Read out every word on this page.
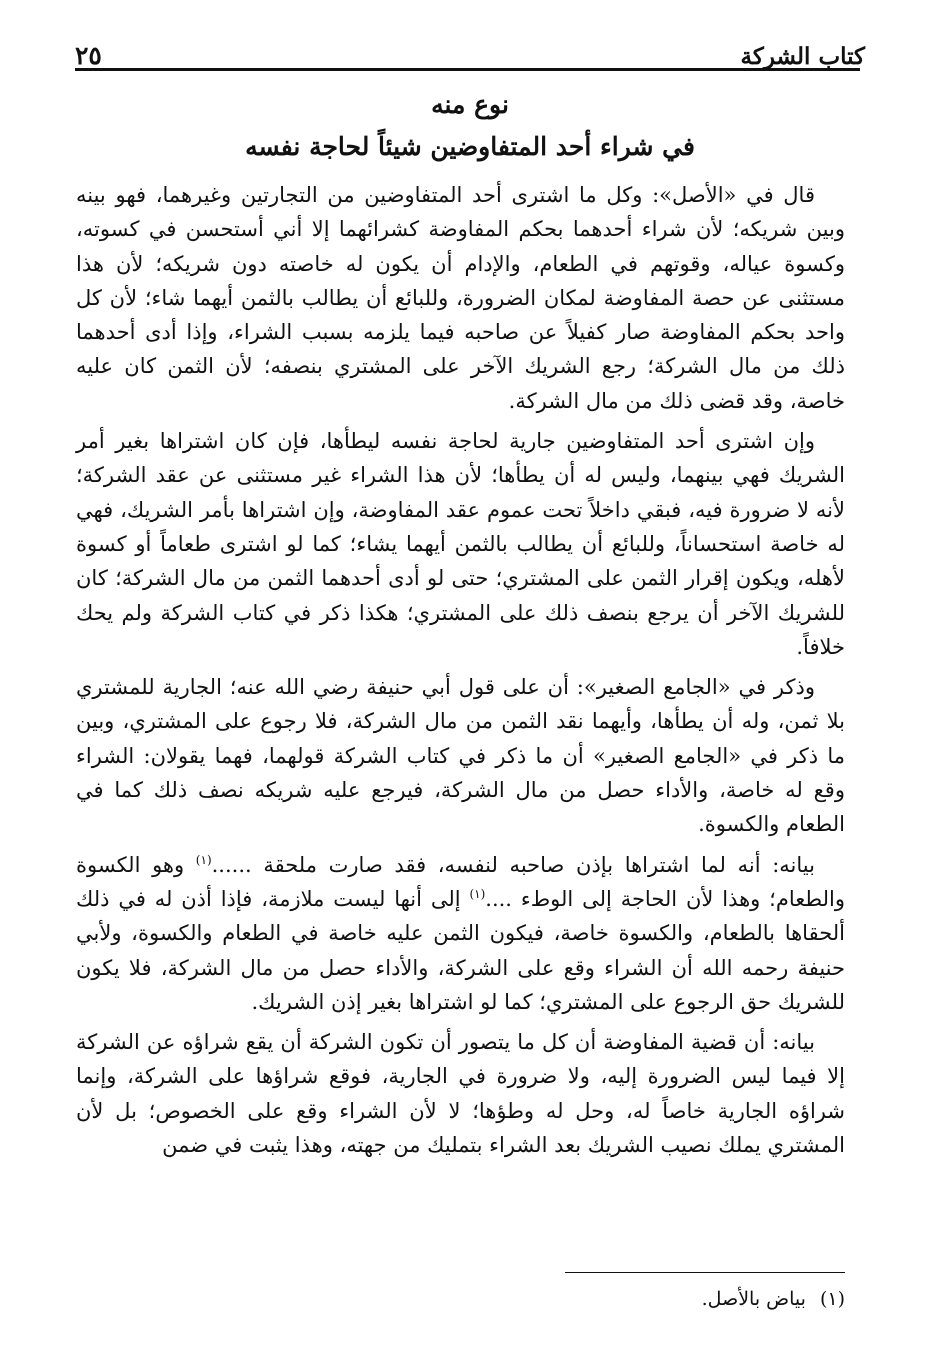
كتاب الشركة
٢٥
نوع منه
في شراء أحد المتفاوضين شيئاً لحاجة نفسه

قال في «الأصل»: وكل ما اشترى أحد المتفاوضين من التجارتين وغيرهما، فهو بينه وبين شريكه؛ لأن شراء أحدهما بحكم المفاوضة كشرائهما إلا أني أستحسن في كسوته، وكسوة عياله، وقوتهم في الطعام، والإدام أن يكون له خاصته دون شريكه؛ لأن هذا مستثنى عن حصة المفاوضة لمكان الضرورة، وللبائع أن يطالب بالثمن أيهما شاء؛ لأن كل واحد بحكم المفاوضة صار كفيلاً عن صاحبه فيما يلزمه بسبب الشراء، وإذا أدى أحدهما ذلك من مال الشركة؛ رجع الشريك الآخر على المشتري بنصفه؛ لأن الثمن كان عليه خاصة، وقد قضى ذلك من مال الشركة.

وإن اشترى أحد المتفاوضين جارية لحاجة نفسه ليطأها، فإن كان اشتراها بغير أمر الشريك فهي بينهما، وليس له أن يطأها؛ لأن هذا الشراء غير مستثنى عن عقد الشركة؛ لأنه لا ضرورة فيه، فبقي داخلاً تحت عموم عقد المفاوضة، وإن اشتراها بأمر الشريك، فهي له خاصة استحساناً، وللبائع أن يطالب بالثمن أيهما يشاء؛ كما لو اشترى طعاماً أو كسوة لأهله، ويكون إقرار الثمن على المشتري؛ حتى لو أدى أحدهما الثمن من مال الشركة؛ كان للشريك الآخر أن يرجع بنصف ذلك على المشتري؛ هكذا ذكر في كتاب الشركة ولم يحك خلافاً.

وذكر في «الجامع الصغير»: أن على قول أبي حنيفة رضي الله عنه؛ الجارية للمشتري بلا ثمن، وله أن يطأها، وأيهما نقد الثمن من مال الشركة، فلا رجوع على المشتري، وبين ما ذكر في «الجامع الصغير» أن ما ذكر في كتاب الشركة قولهما، فهما يقولان: الشراء وقع له خاصة، والأداء حصل من مال الشركة، فيرجع عليه شريكه نصف ذلك كما في الطعام والكسوة.

بيانه: أنه لما اشتراها بإذن صاحبه لنفسه، فقد صارت ملحقة ......$^{(١)}$ وهو الكسوة والطعام؛ وهذا لأن الحاجة إلى الوطء ....$^{(١)}$ إلى أنها ليست ملازمة، فإذا أذن له في ذلك ألحقاها بالطعام، والكسوة خاصة، فيكون الثمن عليه خاصة في الطعام والكسوة، ولأبي حنيفة رحمه الله أن الشراء وقع على الشركة، والأداء حصل من مال الشركة، فلا يكون للشريك حق الرجوع على المشتري؛ كما لو اشتراها بغير إذن الشريك.

بيانه: أن قضية المفاوضة أن كل ما يتصور أن تكون الشركة أن يقع شراؤه عن الشركة إلا فيما ليس الضرورة إليه، ولا ضرورة في الجارية، فوقع شراؤها على الشركة، وإنما شراؤه الجارية خاصاً له، وحل له وطؤها؛ لا لأن الشراء وقع على الخصوص؛ بل لأن المشتري يملك نصيب الشريك بعد الشراء بتمليك من جهته، وهذا يثبت في ضمن

(١)بياض بالأصل.
